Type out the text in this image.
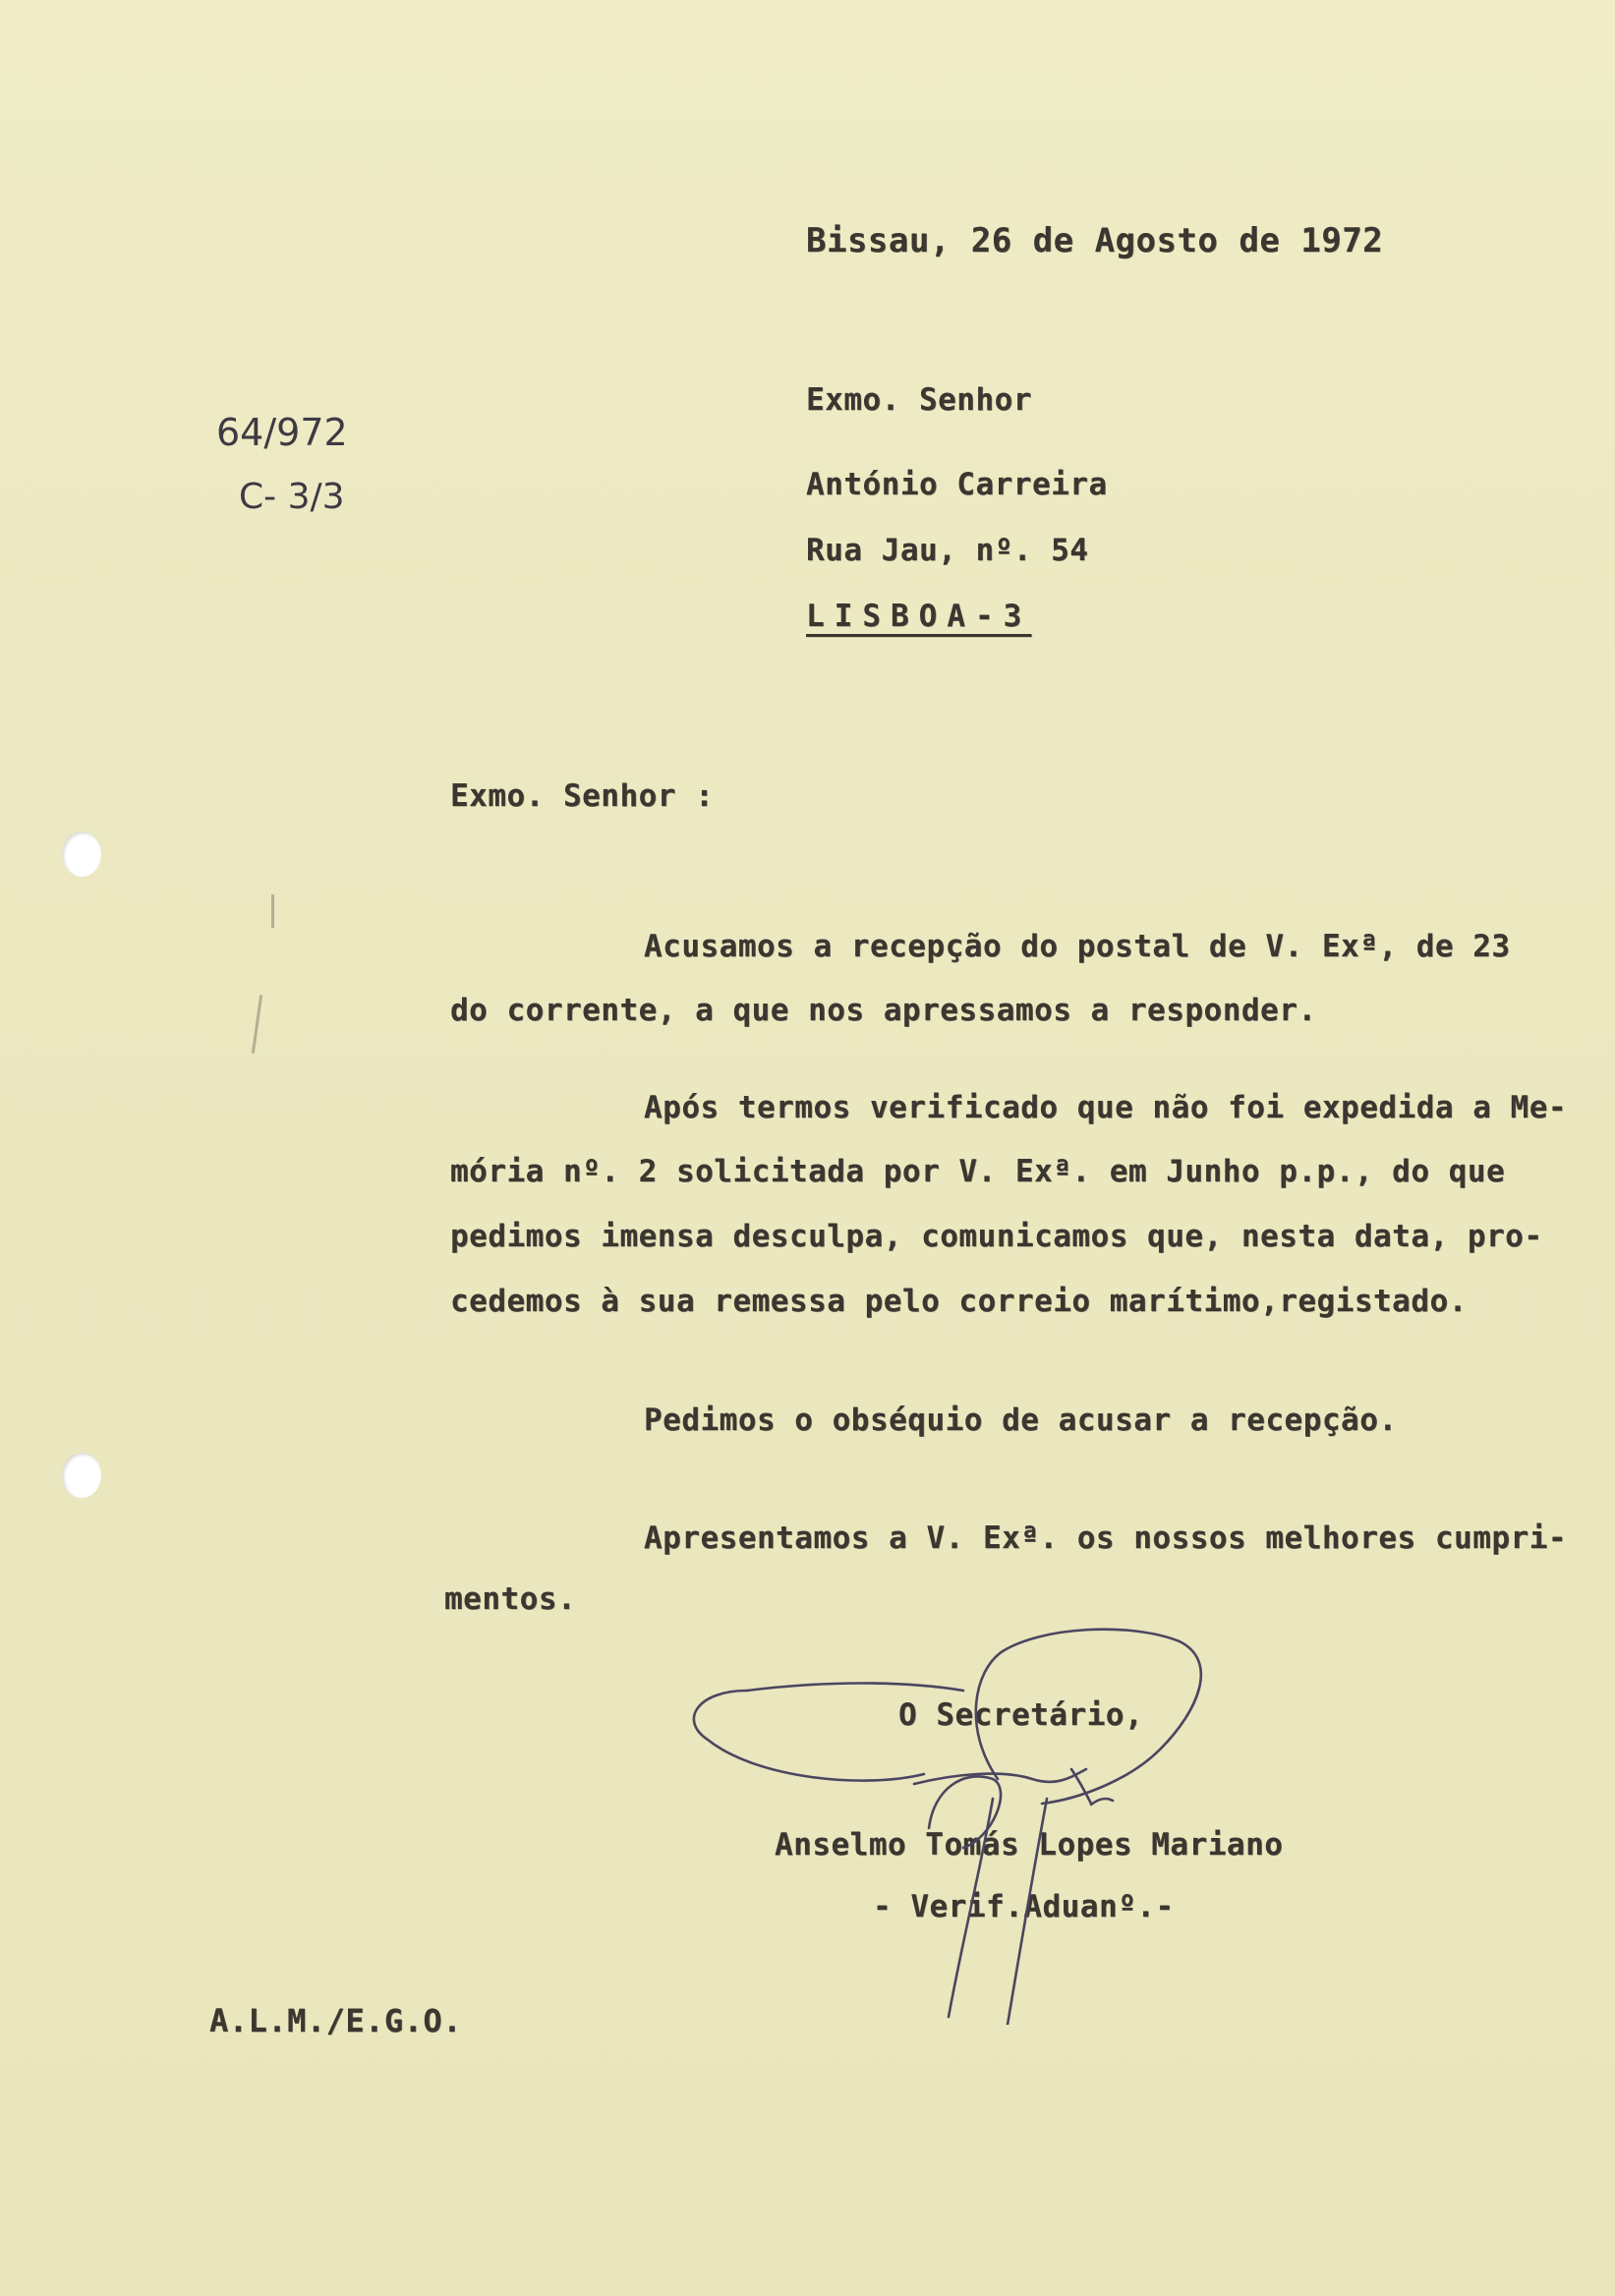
Bissau, 26 de Agosto de 1972
64/972
C- 3/3
Exmo. Senhor
António Carreira
Rua Jau, nº. 54
LISBOA-3
Exmo. Senhor :
Acusamos a recepção do postal de V. Exª, de 23
do corrente, a que nos apressamos a responder.
Após termos verificado que não foi expedida a Me-
mória nº. 2 solicitada por V. Exª. em Junho p.p., do que
pedimos imensa desculpa, comunicamos que, nesta data, pro-
cedemos à sua remessa pelo correio marítimo,registado.
Pedimos o obséquio de acusar a recepção.
Apresentamos a V. Exª. os nossos melhores cumpri-
mentos.
O Secretário,
Anselmo Tomás Lopes Mariano
- Verif.Aduanº.-
A.L.M./E.G.O.
